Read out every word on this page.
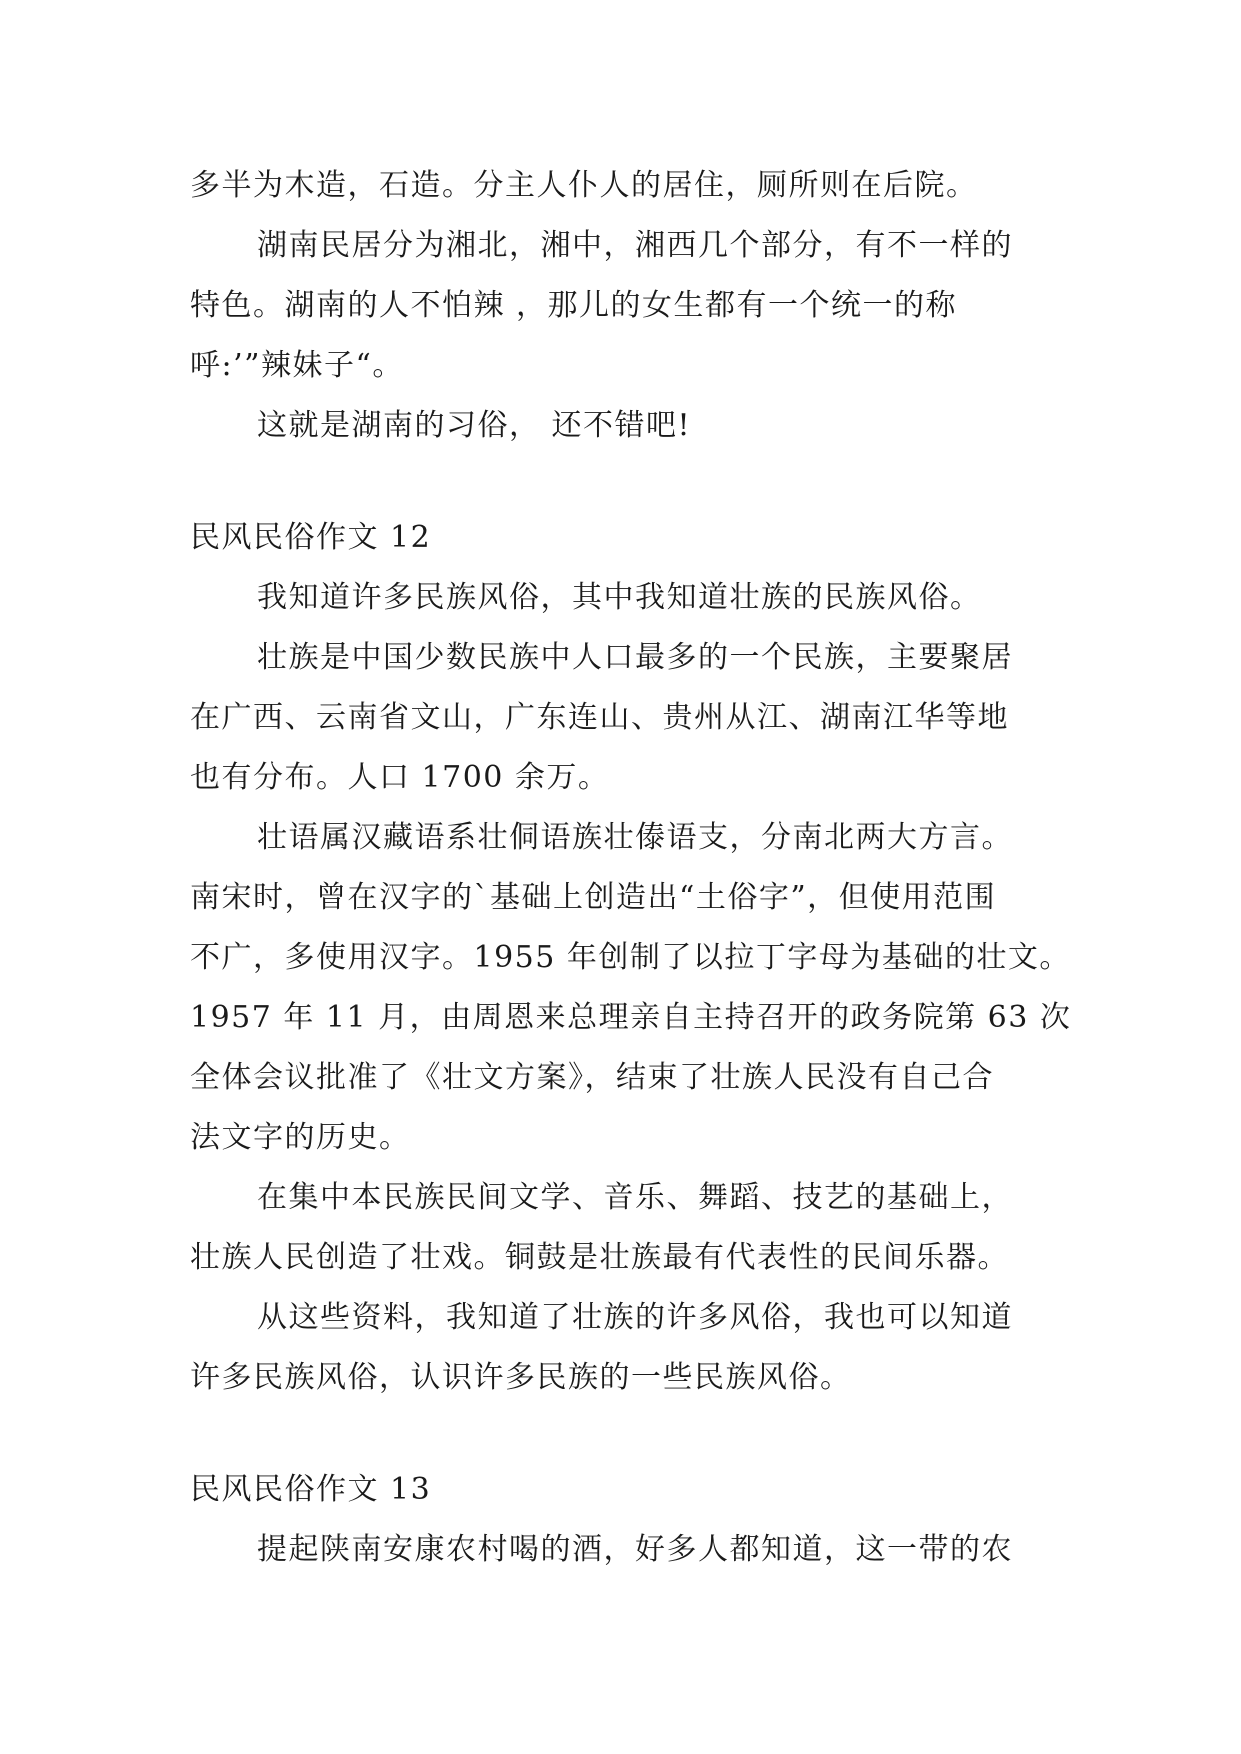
多半为木造，石造。分主人仆人的居住，厕所则在后院。
湖南民居分为湘北，湘中，湘西几个部分，有不一样的
特色。湖南的人不怕辣 ，那儿的女生都有一个统一的称
呼:’”辣妹子“。
这就是湖南的习俗， 还不错吧!
民风民俗作文 12
我知道许多民族风俗，其中我知道壮族的民族风俗。
壮族是中国少数民族中人口最多的一个民族，主要聚居
在广西、云南省文山，广东连山、贵州从江、湖南江华等地
也有分布。人口 1700 余万。
壮语属汉藏语系壮侗语族壮傣语支，分南北两大方言。
南宋时，曾在汉字的`基础上创造出“土俗字”，但使用范围
不广，多使用汉字。1955 年创制了以拉丁字母为基础的壮文。
1957 年 11 月，由周恩来总理亲自主持召开的政务院第 63 次
全体会议批准了《壮文方案》，结束了壮族人民没有自己合
法文字的历史。
在集中本民族民间文学、音乐、舞蹈、技艺的基础上，
壮族人民创造了壮戏。铜鼓是壮族最有代表性的民间乐器。
从这些资料，我知道了壮族的许多风俗，我也可以知道
许多民族风俗，认识许多民族的一些民族风俗。
民风民俗作文 13
提起陕南安康农村喝的酒，好多人都知道，这一带的农
